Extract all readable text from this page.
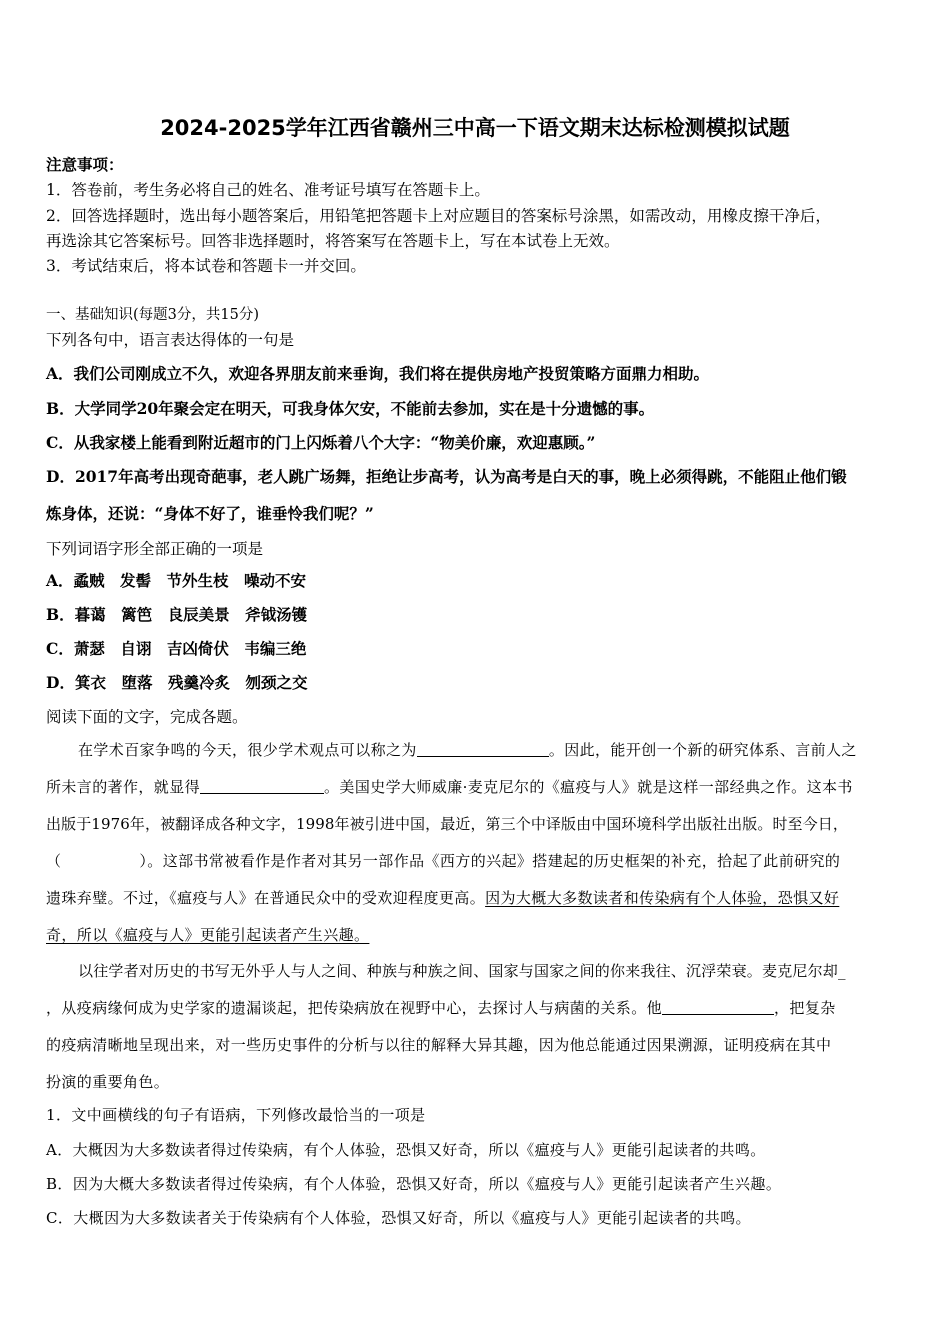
2024-2025学年江西省赣州三中高一下语文期末达标检测模拟试题
注意事项：
1．答卷前，考生务必将自己的姓名、准考证号填写在答题卡上。
2．回答选择题时，选出每小题答案后，用铅笔把答题卡上对应题目的答案标号涂黑，如需改动，用橡皮擦干净后，
再选涂其它答案标号。回答非选择题时，将答案写在答题卡上，写在本试卷上无效。
3．考试结束后，将本试卷和答题卡一并交回。
一、基础知识(每题3分，共15分)
下列各句中，语言表达得体的一句是
A．我们公司刚成立不久，欢迎各界朋友前来垂询，我们将在提供房地产投贸策略方面鼎力相助。
B．大学同学20年聚会定在明天，可我身体欠安，不能前去参加，实在是十分遗憾的事。
C．从我家楼上能看到附近超市的门上闪烁着八个大字：“物美价廉，欢迎惠顾。”
D．2017年高考出现奇葩事，老人跳广场舞，拒绝让步高考，认为高考是白天的事，晚上必须得跳，不能阻止他们锻
炼身体，还说：“身体不好了，谁垂怜我们呢？”
下列词语字形全部正确的一项是
A．蟊贼　发髻　节外生枝　噪动不安
B．暮蔼　篱笆　良辰美景　斧钺汤镬
C．萧瑟　自诩　吉凶倚伏　韦编三绝
D．箕衣　堕落　残羹冷炙　刎颈之交
阅读下面的文字，完成各题。
在学术百家争鸣的今天，很少学术观点可以称之为	。因此，能开创一个新的研究体系、言前人之
所未言的著作，就显得	。美国史学大师威廉·麦克尼尔的《瘟疫与人》就是这样一部经典之作。这本书
出版于1976年，被翻译成各种文字，1998年被引进中国，最近，第三个中译版由中国环境科学出版社出版。时至今日，
（	）。这部书常被看作是作者对其另一部作品《西方的兴起》搭建起的历史框架的补充，拾起了此前研究的
遗珠弃璧。不过，《瘟疫与人》在普通民众中的受欢迎程度更高。因为大概大多数读者和传染病有个人体验，恐惧又好
奇，所以《瘟疫与人》更能引起读者产生兴趣。
以往学者对历史的书写无外乎人与人之间、种族与种族之间、国家与国家之间的你来我往、沉浮荣衰。麦克尼尔却_
，从疫病缘何成为史学家的遗漏谈起，把传染病放在视野中心，去探讨人与病菌的关系。他	，把复杂
的疫病清晰地呈现出来，对一些历史事件的分析与以往的解释大异其趣，因为他总能通过因果溯源，证明疫病在其中
扮演的重要角色。
1．文中画横线的句子有语病，下列修改最恰当的一项是
A．大概因为大多数读者得过传染病，有个人体验，恐惧又好奇，所以《瘟疫与人》更能引起读者的共鸣。
B．因为大概大多数读者得过传染病，有个人体验，恐惧又好奇，所以《瘟疫与人》更能引起读者产生兴趣。
C．大概因为大多数读者关于传染病有个人体验，恐惧又好奇，所以《瘟疫与人》更能引起读者的共鸣。
